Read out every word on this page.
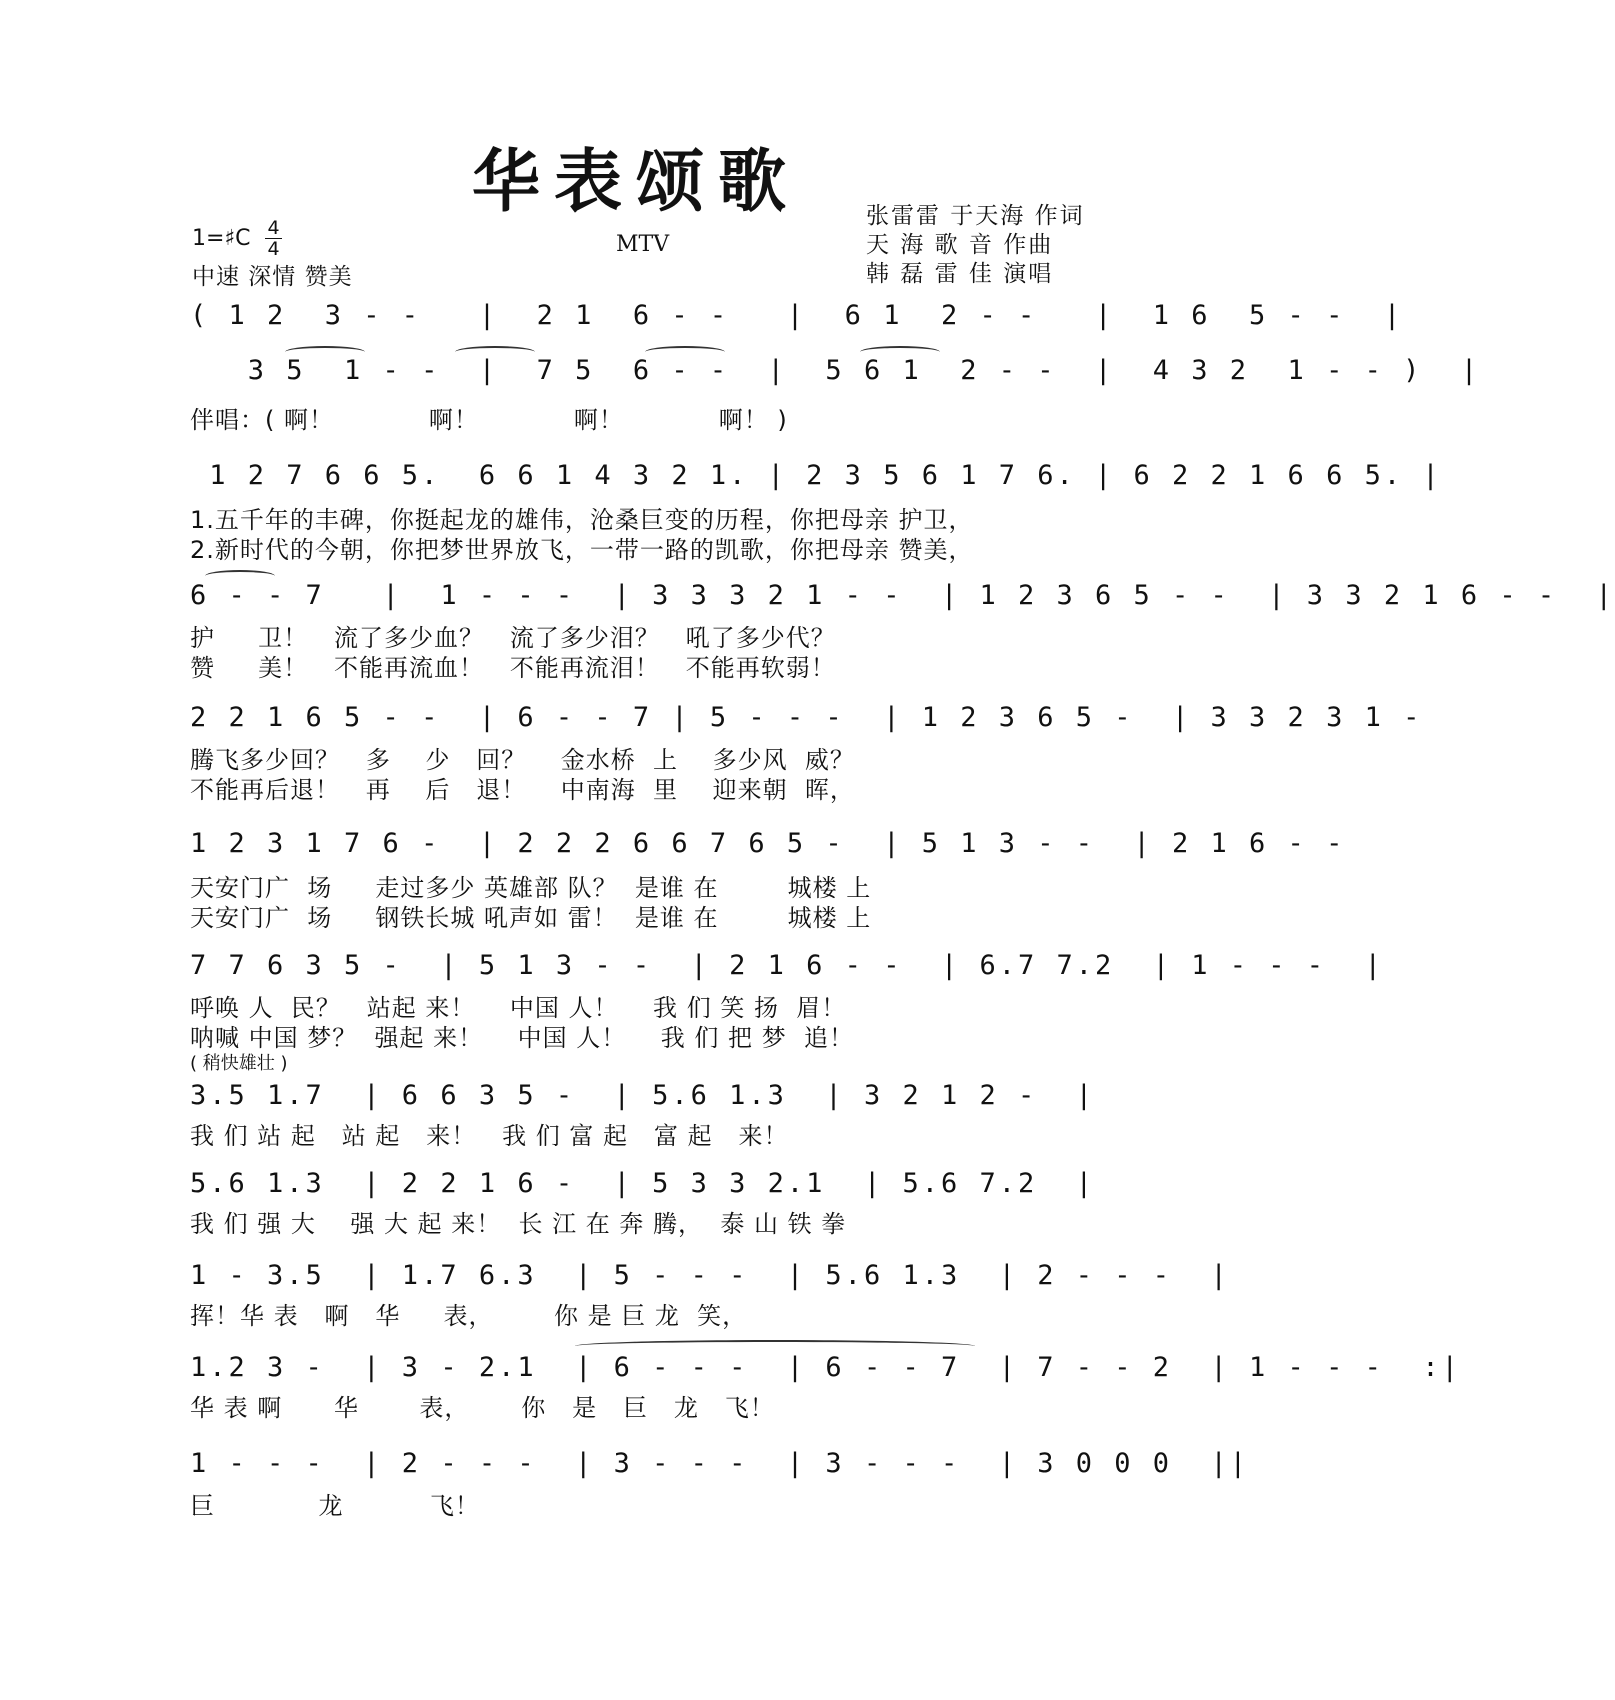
华表颂歌
1=♯C $\frac{4}{4}$
中速 深情 赞美
MTV
张雷雷 于天海 作词
天 海 歌 音 作曲
韩 磊 雷 佳 演唱
( 1 2  3 - -   |  2 1  6 - -   |  6 1  2 - -   |  1 6  5 - -  |
3 5  1 - -  |  7 5  6 - -  |  5 6 1  2 - -  |  4 3 2  1 - - )  |
伴唱：( 啊！           啊！           啊！           啊！ )
1 2 7 6 6 5.  6 6 1 4 3 2 1. | 2 3 5 6 1 7 6. | 6 2 2 1 6 6 5. |
1.五千年的丰碑，你挺起龙的雄伟，沧桑巨变的历程，你把母亲 护卫，
2.新时代的今朝，你把梦世界放飞，一带一路的凯歌，你把母亲 赞美，
6 - - 7   |  1 - - -  | 3 3 3 2 1 - -  | 1 2 3 6 5 - -  | 3 3 2 1 6 - -  |
护     卫！   流了多少血？   流了多少泪？   吼了多少代？
赞     美！   不能再流血！   不能再流泪！   不能再软弱！
2 2 1 6 5 - -  | 6 - - 7 | 5 - - -  | 1 2 3 6 5 -  | 3 3 2 3 1 -
腾飞多少回？   多    少   回？    金水桥  上    多少风  威？
不能再后退！   再    后   退！    中南海  里    迎来朝  晖，
1 2 3 1 7 6 -  | 2 2 2 6 6 7 6 5 -  | 5 1 3 - -  | 2 1 6 - -
天安门广  场     走过多少 英雄部 队？  是谁 在        城楼 上
天安门广  场     钢铁长城 吼声如 雷！  是谁 在        城楼 上
7 7 6 3 5 -  | 5 1 3 - -  | 2 1 6 - -  | 6.7 7.2  | 1 - - -  |
呼唤 人  民？   站起 来！    中国 人！    我 们 笑 扬  眉！
呐喊 中国 梦？  强起 来！    中国 人！    我 们 把 梦  追！
( 稍快雄壮 )
3.5 1.7  | 6 6 3 5 -  | 5.6 1.3  | 3 2 1 2 -  |
我 们 站 起   站 起   来！   我 们 富 起   富 起   来！
5.6 1.3  | 2 2 1 6 -  | 5 3 3 2.1  | 5.6 7.2  |
我 们 强 大    强 大 起 来！  长 江 在 奔 腾，  泰 山 铁 拳
1 - 3.5  | 1.7 6.3  | 5 - - -  | 5.6 1.3  | 2 - - -  |
挥！华 表   啊   华     表，       你 是 巨 龙  笑，
1.2 3 -  | 3 - 2.1  | 6 - - -  | 6 - - 7  | 7 - - 2  | 1 - - -  :|
华 表 啊      华       表，      你   是   巨   龙   飞！
1 - - -  | 2 - - -  | 3 - - -  | 3 - - -  | 3 0 0 0  ||
巨            龙          飞！
